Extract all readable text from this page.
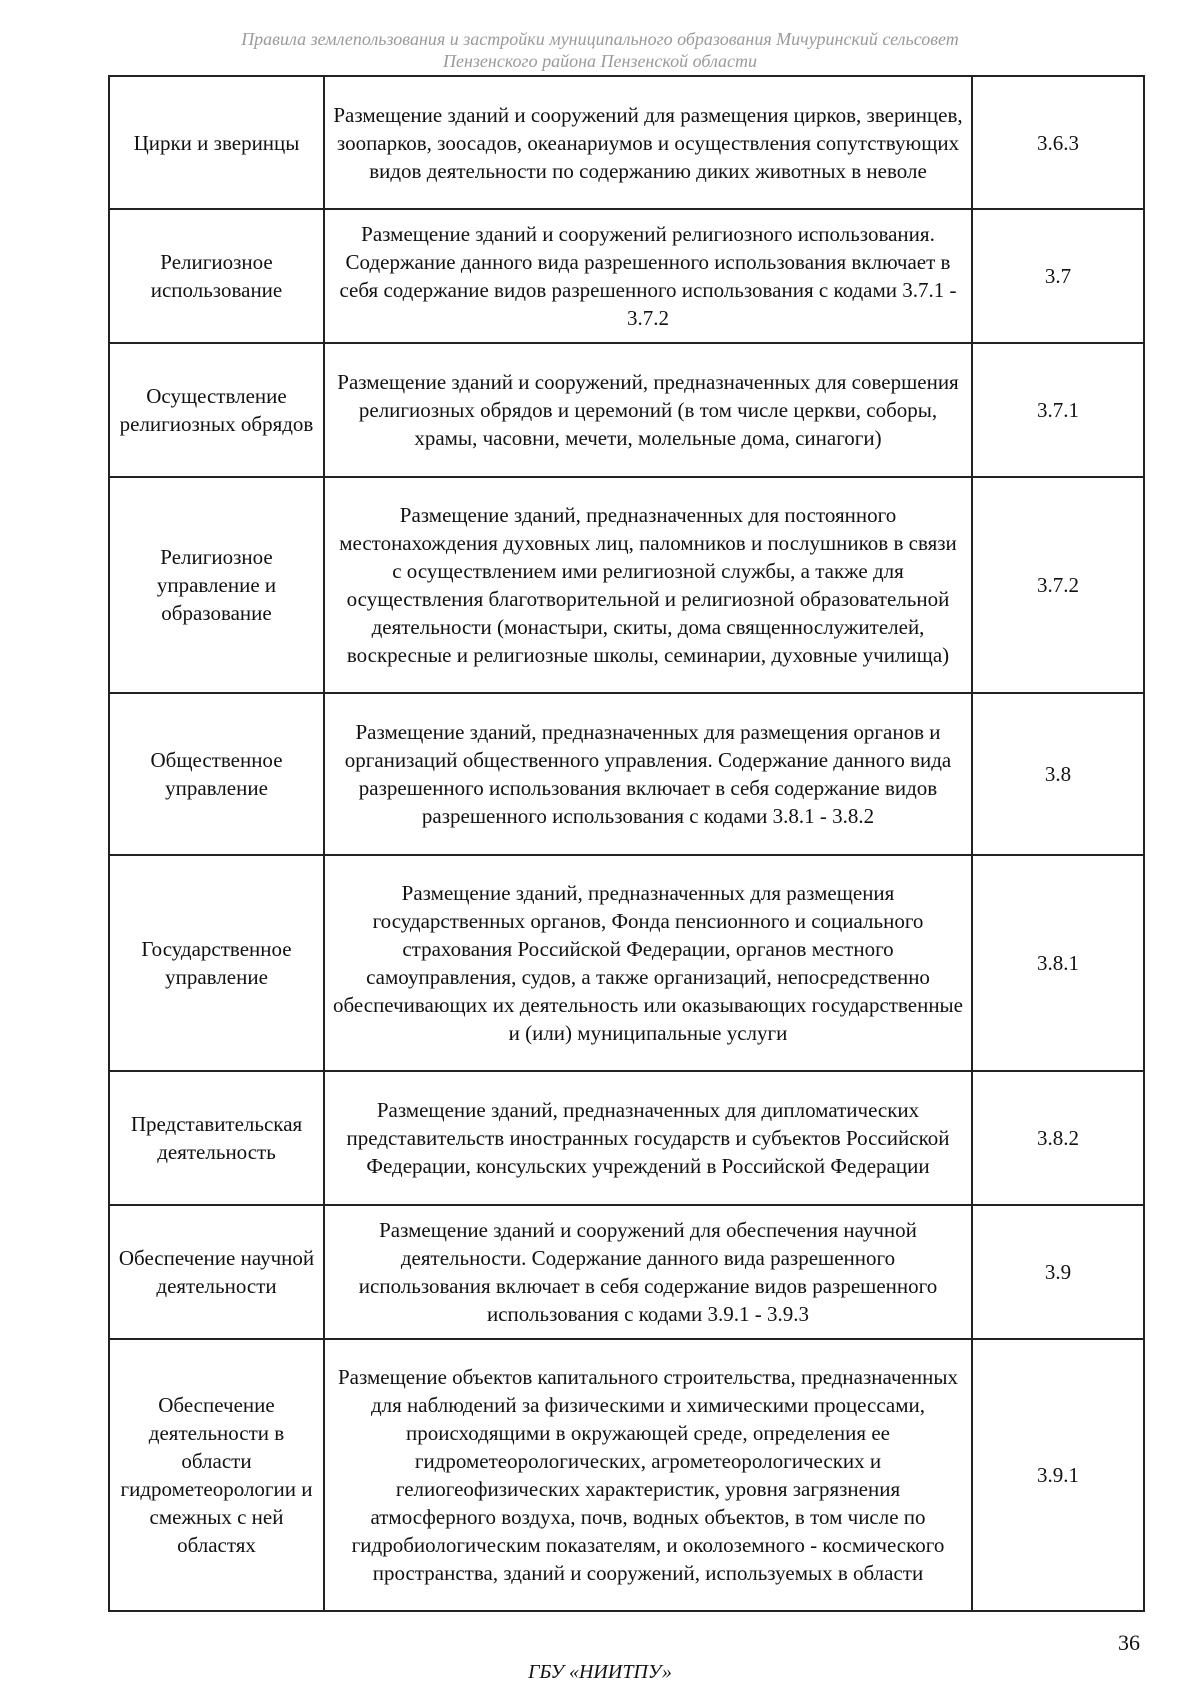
Правила землепользования и застройки муниципального образования Мичуринский сельсовет
Пензенского района Пензенской области
Цирки и зверинцы	Размещение зданий и сооружений для размещения цирков, зверинцев, зоопарков, зоосадов, океанариумов и осуществления сопутствующих видов деятельности по содержанию диких животных в неволе	3.6.3
Религиозное использование	Размещение зданий и сооружений религиозного использования. Содержание данного вида разрешенного использования включает в себя содержание видов разрешенного использования с кодами 3.7.1 - 3.7.2	3.7
Осуществление религиозных обрядов	Размещение зданий и сооружений, предназначенных для совершения религиозных обрядов и церемоний (в том числе церкви, соборы, храмы, часовни, мечети, молельные дома, синагоги)	3.7.1
Религиозное управление и образование	Размещение зданий, предназначенных для постоянного местонахождения духовных лиц, паломников и послушников в связи с осуществлением ими религиозной службы, а также для осуществления благотворительной и религиозной образовательной деятельности (монастыри, скиты, дома священнослужителей, воскресные и религиозные школы, семинарии, духовные училища)	3.7.2
Общественное управление	Размещение зданий, предназначенных для размещения органов и организаций общественного управления. Содержание данного вида разрешенного использования включает в себя содержание видов разрешенного использования с кодами 3.8.1 - 3.8.2	3.8
Государственное управление	Размещение зданий, предназначенных для размещения государственных органов, Фонда пенсионного и социального страхования Российской Федерации, органов местного самоуправления, судов, а также организаций, непосредственно обеспечивающих их деятельность или оказывающих государственные и (или) муниципальные услуги	3.8.1
Представительская деятельность	Размещение зданий, предназначенных для дипломатических представительств иностранных государств и субъектов Российской Федерации, консульских учреждений в Российской Федерации	3.8.2
Обеспечение научной деятельности	Размещение зданий и сооружений для обеспечения научной деятельности. Содержание данного вида разрешенного использования включает в себя содержание видов разрешенного использования с кодами 3.9.1 - 3.9.3	3.9
Обеспечение деятельности в области гидрометеорологии и смежных с ней областях	Размещение объектов капитального строительства, предназначенных для наблюдений за физическими и химическими процессами, происходящими в окружающей среде, определения ее гидрометеорологических, агрометеорологических и гелиогеофизических характеристик, уровня загрязнения атмосферного воздуха, почв, водных объектов, в том числе по гидробиологическим показателям, и околоземного - космического пространства, зданий и сооружений, используемых в области	3.9.1
36
ГБУ «НИИТПУ»
